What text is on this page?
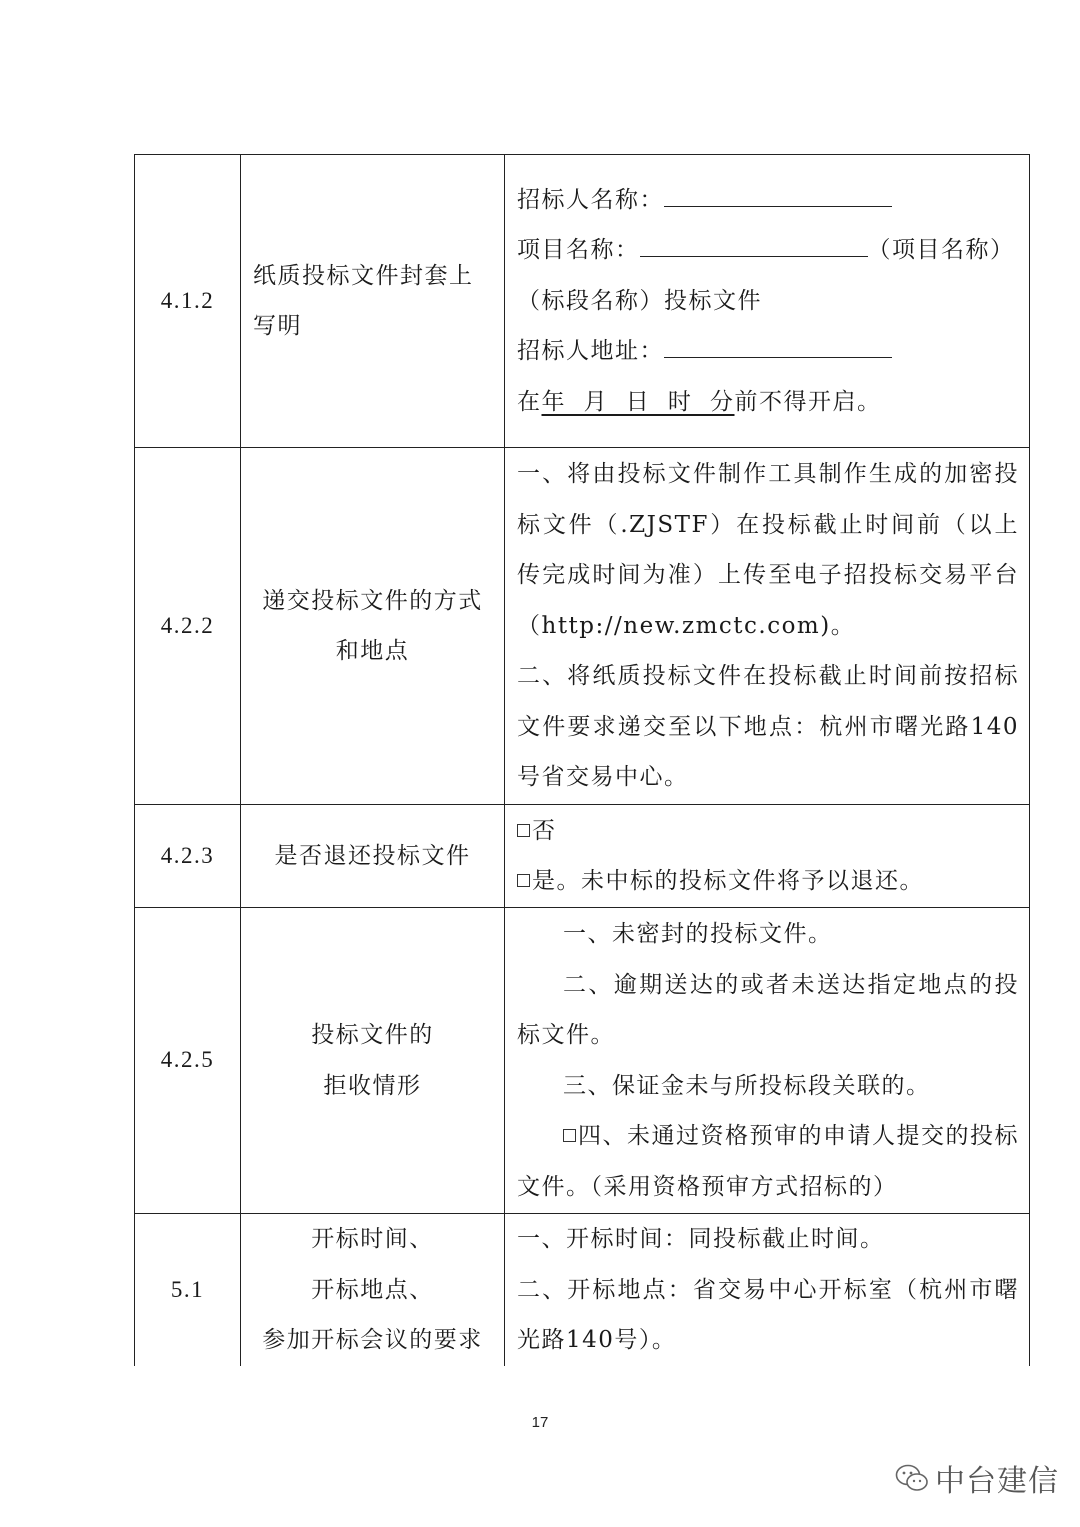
4.1.2	纸质投标文件封套上写明	招标人名称：
项目名称： （项目名称）
（标段名称）投标文件
招标人地址：
在年  月  日  时  分前不得开启。

4.2.2	递交投标文件的方式和地点	一、将由投标文件制作工具制作生成的加密投标文件（.ZJSTF）在投标截止时间前（以上传完成时间为准）上传至电子招投标交易平台（http://new.zmctc.com)。
二、将纸质投标文件在投标截止时间前按招标文件要求递交至以下地点：杭州市曙光路140号省交易中心。

4.2.3	是否退还投标文件	否
是。未中标的投标文件将予以退还。

4.2.5	投标文件的
拒收情形	一、未密封的投标文件。
二、逾期送达的或者未送达指定地点的投标文件。
三、保证金未与所投标段关联的。
四、未通过资格预审的申请人提交的投标文件。（采用资格预审方式招标的）

5.1	开标时间、
开标地点、
参加开标会议的要求	一、开标时间：同投标截止时间。
二、开标地点：省交易中心开标室（杭州市曙光路140号）。
17
中台建信
